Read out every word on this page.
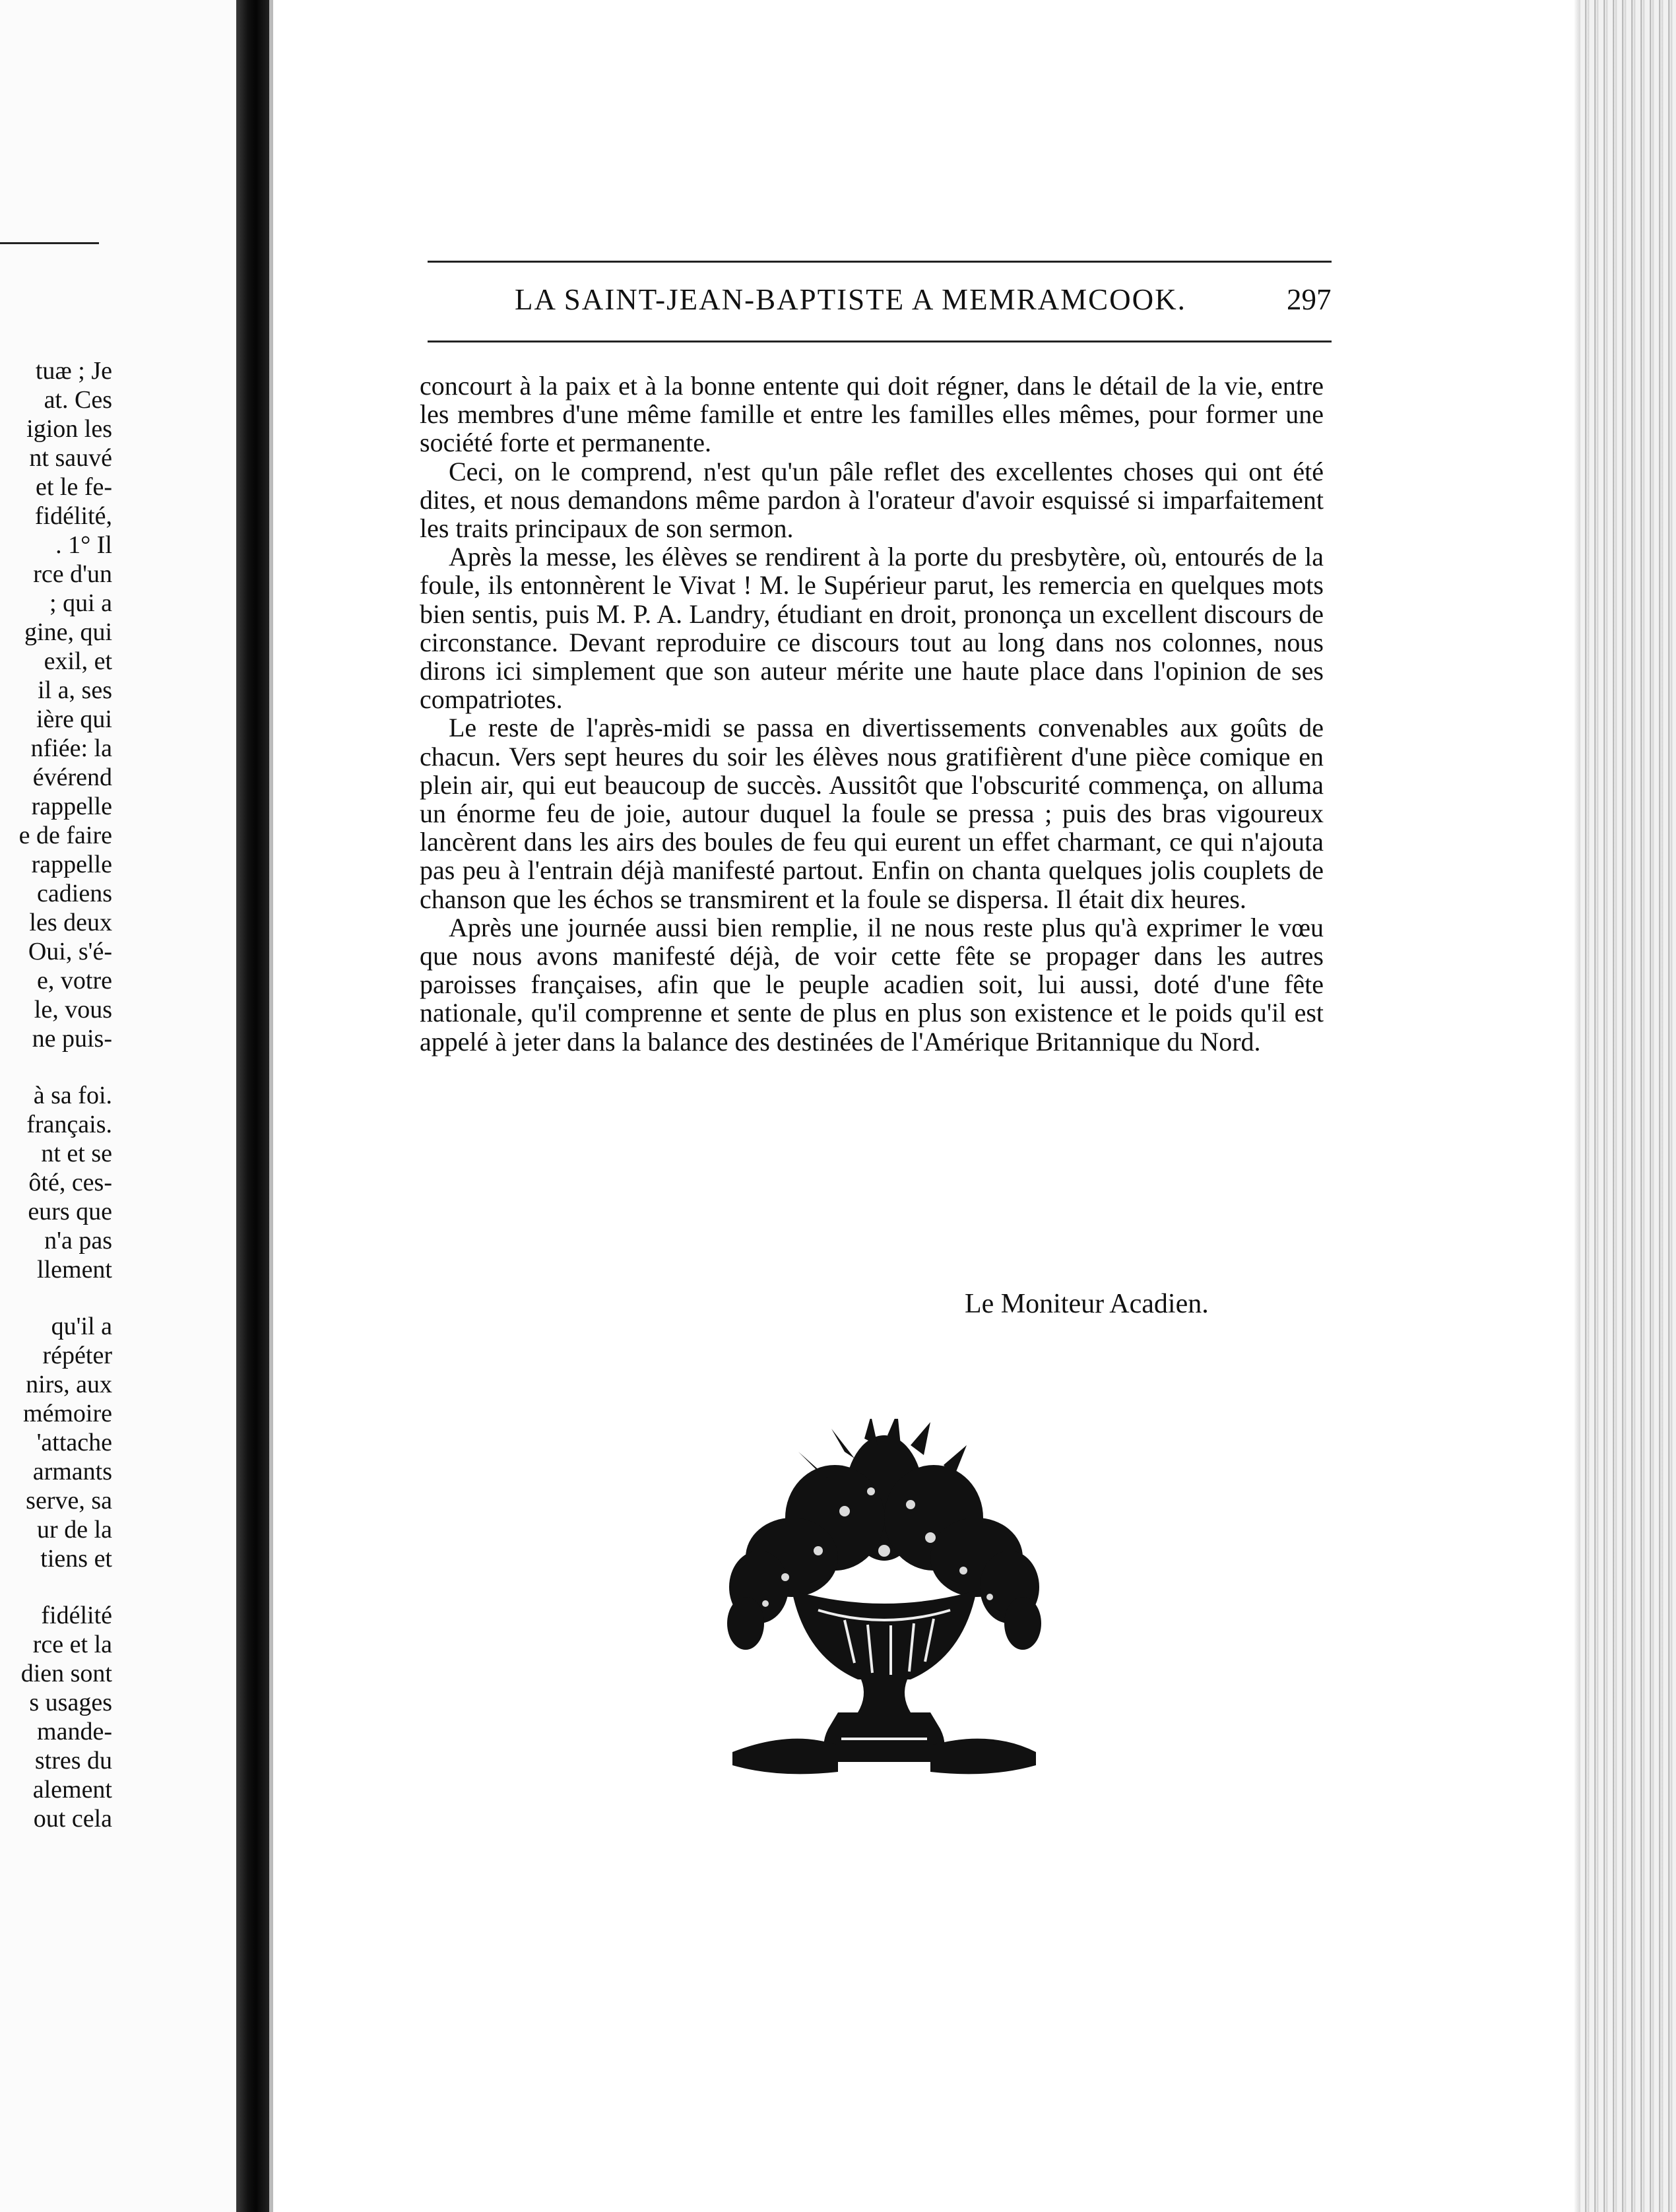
tuæ ; Je
at. Ces
igion les
nt sauvé
et le fe-
fidélité,
. 1° Il
rce d'un
; qui a
gine, qui
exil, et
il a, ses
ière qui
nfiée: la
évérend
rappelle
e de faire
rappelle
cadiens
les deux
Oui, s'é-
e, votre
le, vous
ne puis-
à sa foi.
français.
nt et se
ôté, ces-
eurs que
n'a pas
llement
qu'il a
répéter
nirs, aux
mémoire
'attache
armants
serve, sa
ur de la
tiens et
fidélité
rce et la
dien sont
s usages
mande-
stres du
alement
out cela
LA SAINT-JEAN-BAPTISTE A MEMRAMCOOK.	297

concourt à la paix et à la bonne entente qui doit régner, dans le détail de la vie, entre les membres d'une même famille et entre les familles elles mêmes, pour former une société forte et permanente.

Ceci, on le comprend, n'est qu'un pâle reflet des excellentes choses qui ont été dites, et nous demandons même pardon à l'orateur d'avoir esquissé si imparfaitement les traits principaux de son sermon.

Après la messe, les élèves se rendirent à la porte du presbytère, où, entourés de la foule, ils entonnèrent le Vivat ! M. le Supérieur parut, les remercia en quelques mots bien sentis, puis M. P. A. Landry, étudiant en droit, prononça un excellent discours de circonstance. Devant reproduire ce discours tout au long dans nos colonnes, nous dirons ici simplement que son auteur mérite une haute place dans l'opinion de ses compatriotes.

Le reste de l'après-midi se passa en divertissements convenables aux goûts de chacun. Vers sept heures du soir les élèves nous gratifièrent d'une pièce comique en plein air, qui eut beaucoup de succès. Aussitôt que l'obscurité commença, on alluma un énorme feu de joie, autour duquel la foule se pressa ; puis des bras vigoureux lancèrent dans les airs des boules de feu qui eurent un effet charmant, ce qui n'ajouta pas peu à l'entrain déjà manifesté partout. Enfin on chanta quelques jolis couplets de chanson que les échos se transmirent et la foule se dispersa. Il était dix heures.

Après une journée aussi bien remplie, il ne nous reste plus qu'à exprimer le vœu que nous avons manifesté déjà, de voir cette fête se propager dans les autres paroisses françaises, afin que le peuple acadien soit, lui aussi, doté d'une fête nationale, qu'il comprenne et sente de plus en plus son existence et le poids qu'il est appelé à jeter dans la balance des destinées de l'Amérique Britannique du Nord.

Le Moniteur Acadien.
